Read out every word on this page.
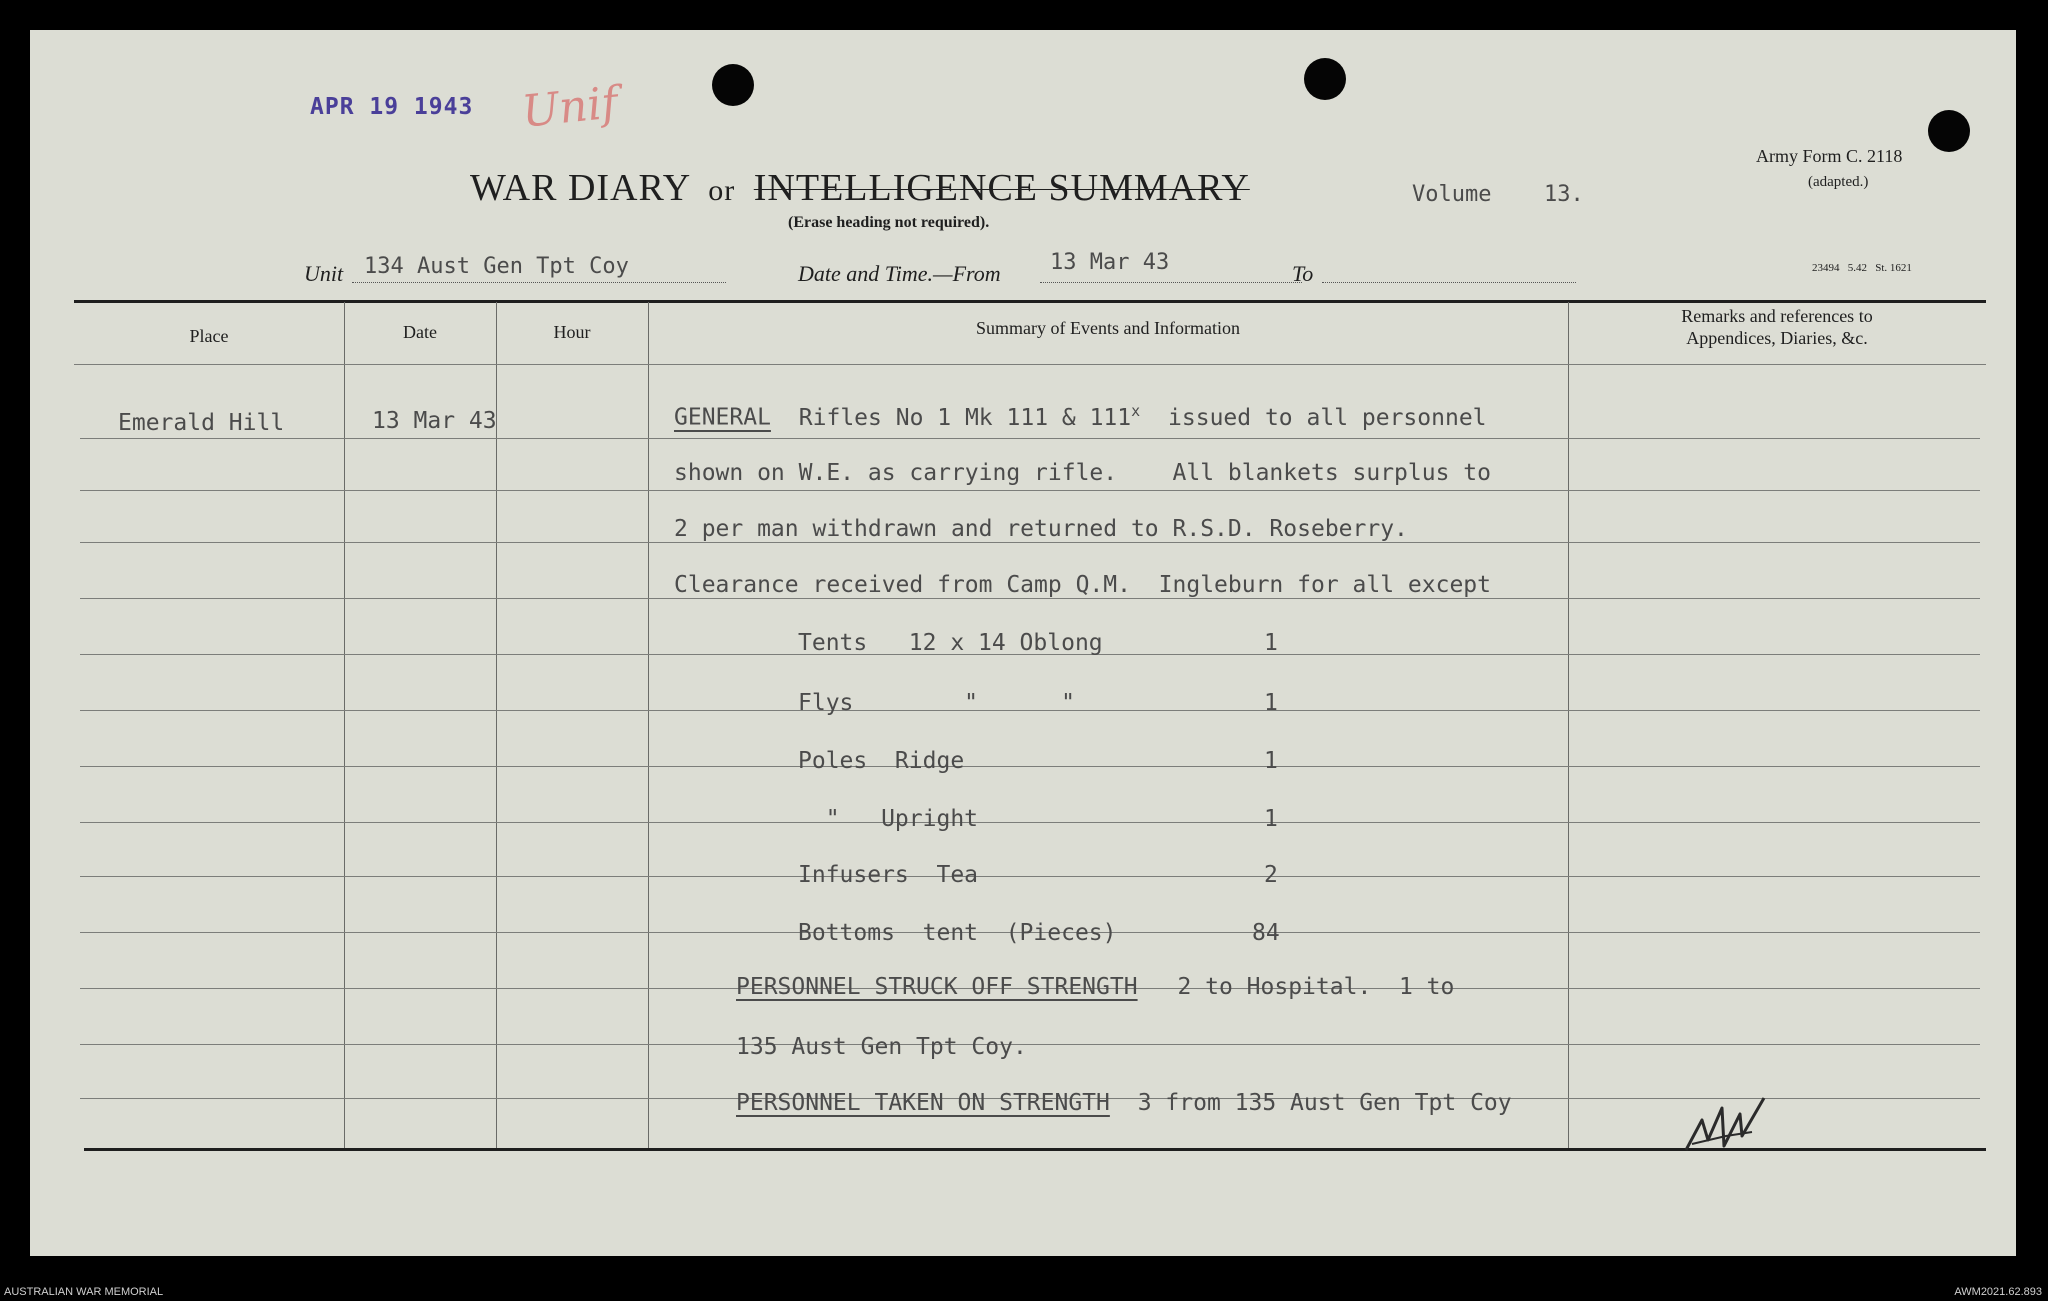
APR 19 1943 Unif
WAR DIARY or INTELLIGENCE SUMMARY	Volume 13.
(Erase heading not required).
Army Form C. 2118
(adapted.)
23494   5.42   St. 1621
Unit 134 Aust Gen Tpt Coy	Date and Time.—From 13 Mar 43	To
Place	Date	Hour	Summary of Events and Information
Remarks and references to
Appendices, Diaries, &c.
Emerald Hill	13 Mar 43	GENERAL Rifles No 1 Mk 111 & 111$^x$ issued to all personnel
shown on W.E. as carrying rifle.    All blankets surplus to
2 per man withdrawn and returned to R.S.D. Roseberry.
Clearance received from Camp Q.M.  Ingleburn for all except
Tents   12 x 14 Oblong	1
Flys        "      "	1
Poles  Ridge	1
"   Upright	1
Infusers  Tea	2
Bottoms  tent  (Pieces)	84
PERSONNEL STRUCK OFF STRENGTH 2 to Hospital.  1 to
135 Aust Gen Tpt Coy.
PERSONNEL TAKEN ON STRENGTH 3 from 135 Aust Gen Tpt Coy
AUSTRALIAN WAR MEMORIAL	AWM2021.62.893
